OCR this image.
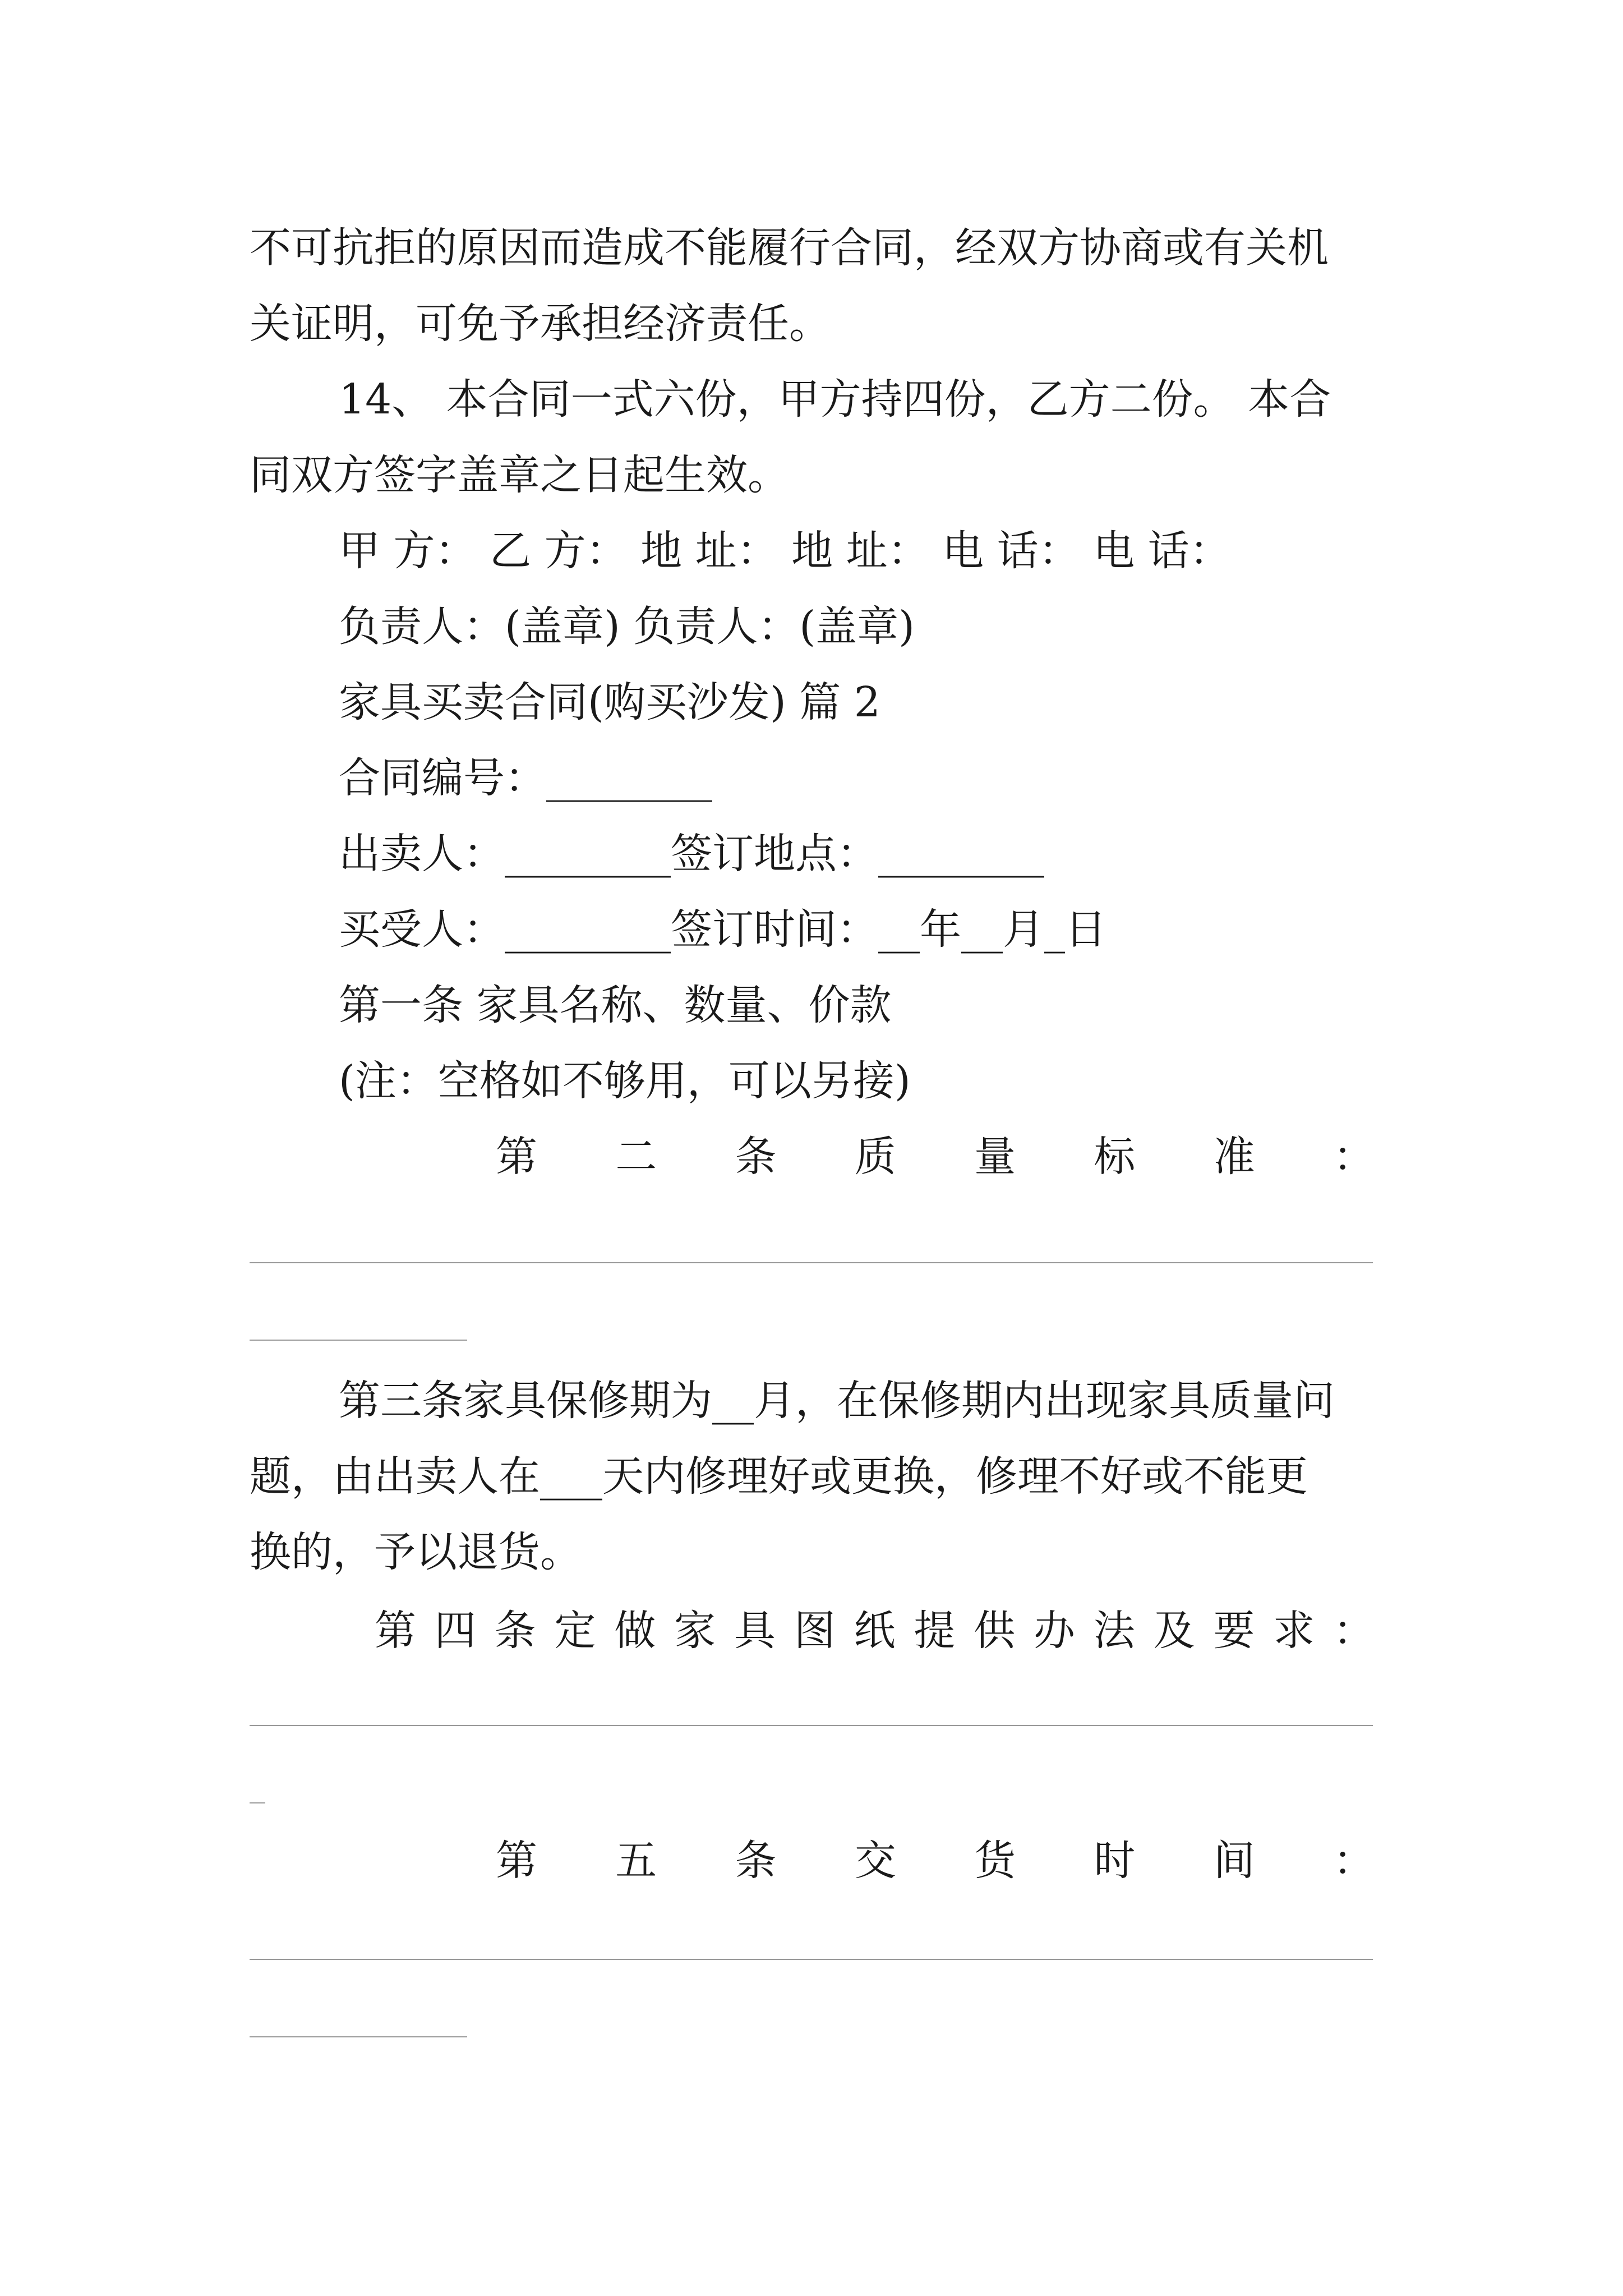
不可抗拒的原因而造成不能履行合同，经双方协商或有关机
关证明，可免予承担经济责任。
14、 本合同一式六份，甲方持四份，乙方二份。 本合
同双方签字盖章之日起生效。
甲 方： 乙 方： 地 址： 地 址： 电 话： 电 话：
负责人：(盖章) 负责人：(盖章)
家具买卖合同(购买沙发) 篇 2
合同编号：________
出卖人：________签订地点：________
买受人：________签订时间：__年__月_日
第一条 家具名称、数量、价款
(注：空格如不够用，可以另接)
第 二 条 质 量 标 准 ：
第三条家具保修期为__月，在保修期内出现家具质量问
题，由出卖人在___天内修理好或更换，修理不好或不能更
换的，予以退货。
第 四 条 定 做 家 具 图 纸 提 供 办 法 及 要 求 ：
第 五 条 交 货 时 间 ：
